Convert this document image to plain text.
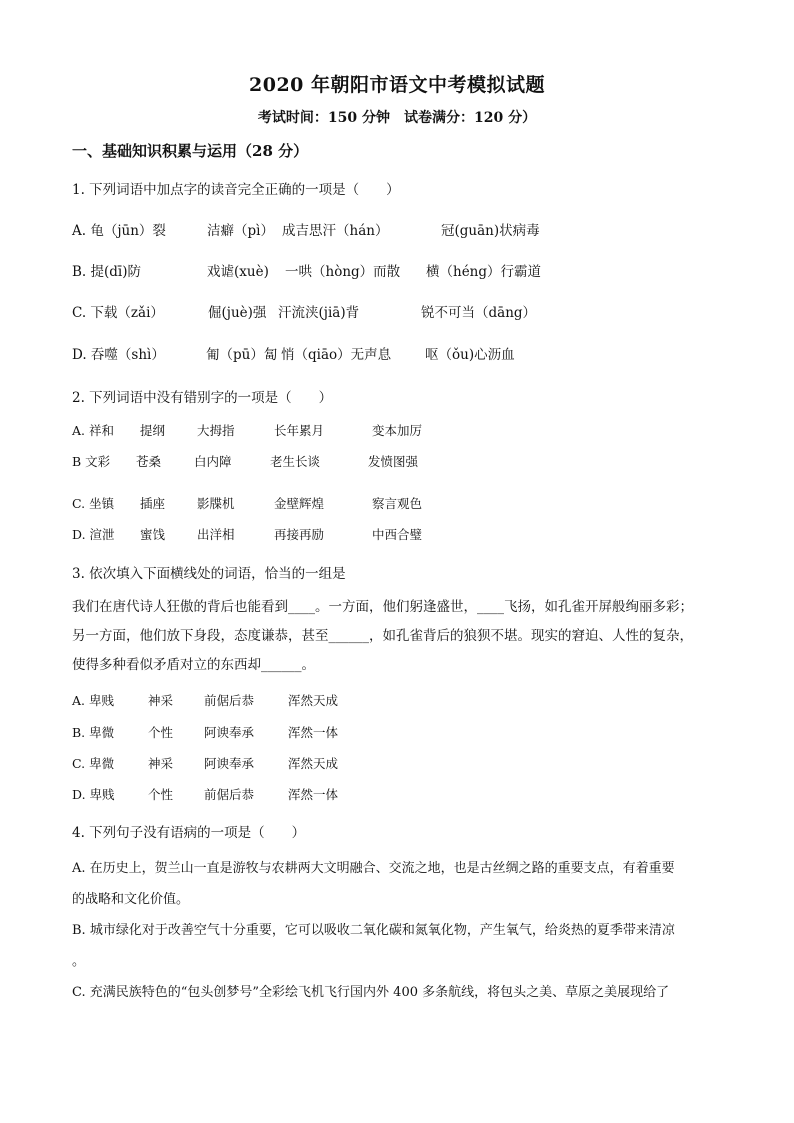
2020 年朝阳市语文中考模拟试题
考试时间：150 分钟　试卷满分：120 分）
一、基础知识积累与运用（28 分）
1. 下列词语中加点字的读音完全正确的一项是（　　）
A. 龟（jūn）裂	洁癖（pì） 成吉思汗（hán）	冠(guān)状病毒
B. 提(dī)防	戏谑(xuè) 一哄（hòng）而散 横（héng）行霸道
C. 下载（zǎi）	倔(juè)强 汗流浃(jiā)背	锐不可当（dāng）
D. 吞噬（shì）	匍（pū）匐 悄（qiāo）无声息	呕（ǒu)心沥血
2. 下列词语中没有错别字的一项是（　　）
A. 祥和 提纲	大拇指	长年累月	变本加厉
B 文彩 苍桑	白内障	老生长谈	发愤图强
C. 坐镇 插座	影牒机	金壁辉煌	察言观色
D. 渲泄 蜜饯	出洋相	再接再励	中西合璧
3. 依次填入下面横线处的词语，恰当的一组是
我们在唐代诗人狂傲的背后也能看到____。一方面，他们躬逢盛世，____飞扬，如孔雀开屏般绚丽多彩；
另一方面，他们放下身段，态度谦恭，甚至______，如孔雀背后的狼狈不堪。现实的窘迫、人性的复杂，
使得多种看似矛盾对立的东西却______。
A. 卑贱	神采 前倨后恭	浑然天成
B. 卑微	个性 阿谀奉承	浑然一体
C. 卑微	神采 阿谀奉承	浑然天成
D. 卑贱	个性 前倨后恭	浑然一体
4. 下列句子没有语病的一项是（　　）
A. 在历史上，贺兰山一直是游牧与农耕两大文明融合、交流之地，也是古丝绸之路的重要支点，有着重要
的战略和文化价值。
B. 城市绿化对于改善空气十分重要，它可以吸收二氧化碳和氮氧化物，产生氧气，给炎热的夏季带来清凉
。
C. 充满民族特色的“包头创梦号”全彩绘飞机飞行国内外 400 多条航线，将包头之美、草原之美展现给了
